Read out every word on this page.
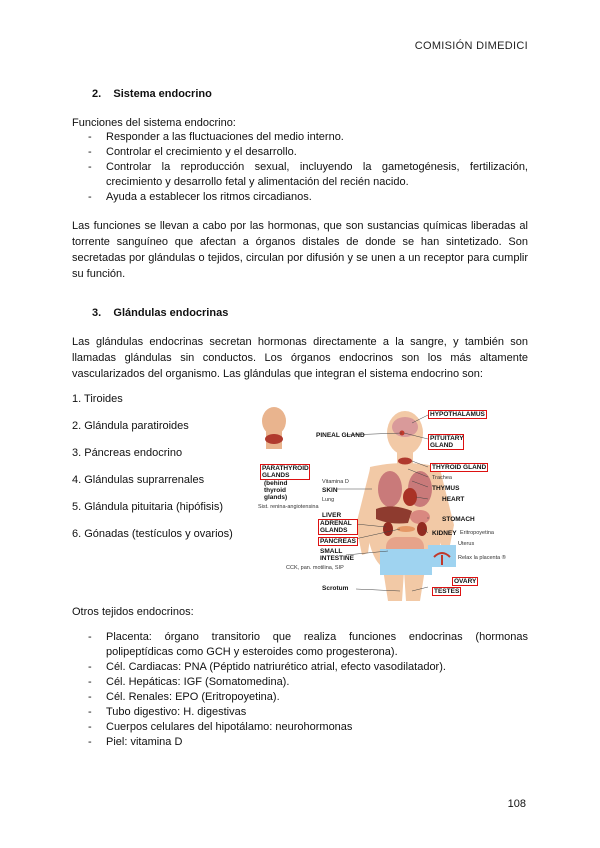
COMISIÓN DIMEDICI
2.    Sistema endocrino
Funciones del sistema endocrino:
- Responder a las fluctuaciones del medio interno.
- Controlar el crecimiento y el desarrollo.
- Controlar la reproducción sexual, incluyendo la gametogénesis, fertilización, crecimiento y desarrollo fetal y alimentación del recién nacido.
- Ayuda a establecer los ritmos circadianos.
Las funciones se llevan a cabo por las hormonas, que son sustancias químicas liberadas al torrente sanguíneo que afectan a órganos distales de donde se han sintetizado. Son secretadas por glándulas o tejidos, circulan por difusión y se unen a un receptor para cumplir su función.
3.    Glándulas endocrinas
Las glándulas endocrinas secretan hormonas directamente a la sangre, y también son llamadas glándulas sin conductos. Los órganos endocrinos son los más altamente vascularizados del organismo. Las glándulas que integran el sistema endocrino son:
1. Tiroides
2. Glándula paratiroides
3. Páncreas endocrino
4. Glándulas suprarrenales
5. Glándula pituitaria (hipófisis)
6. Gónadas (testículos y ovarios)
HYPOTHALAMUS
PINEAL GLAND	PITUITARY GLAND
THYROID GLAND
PARATHYROID GLANDS
(behind thyroid glands)
Trachea
THYMUS
Vitamina D
SKIN
HEART
Lung
Sist. renina-angiotensina
LIVER
STOMACH
ADRENAL GLANDS	KIDNEY Eritropoyetina
PANCREAS	Uterus
SMALL INTESTINE	Relax la placenta ®
CCK, pan. motilina, SIP
OVARY
Scrotum	TESTES
Otros tejidos endocrinos:
- Placenta: órgano transitorio que realiza funciones endocrinas (hormonas polipeptídicas como GCH y esteroides como progesterona).
- Cél. Cardiacas: PNA (Péptido natriurético atrial, efecto vasodilatador).
- Cél. Hepáticas: IGF (Somatomedina).
- Cél. Renales: EPO (Eritropoyetina).
- Tubo digestivo: H. digestivas
- Cuerpos celulares del hipotálamo: neurohormonas
- Piel: vitamina D
108
